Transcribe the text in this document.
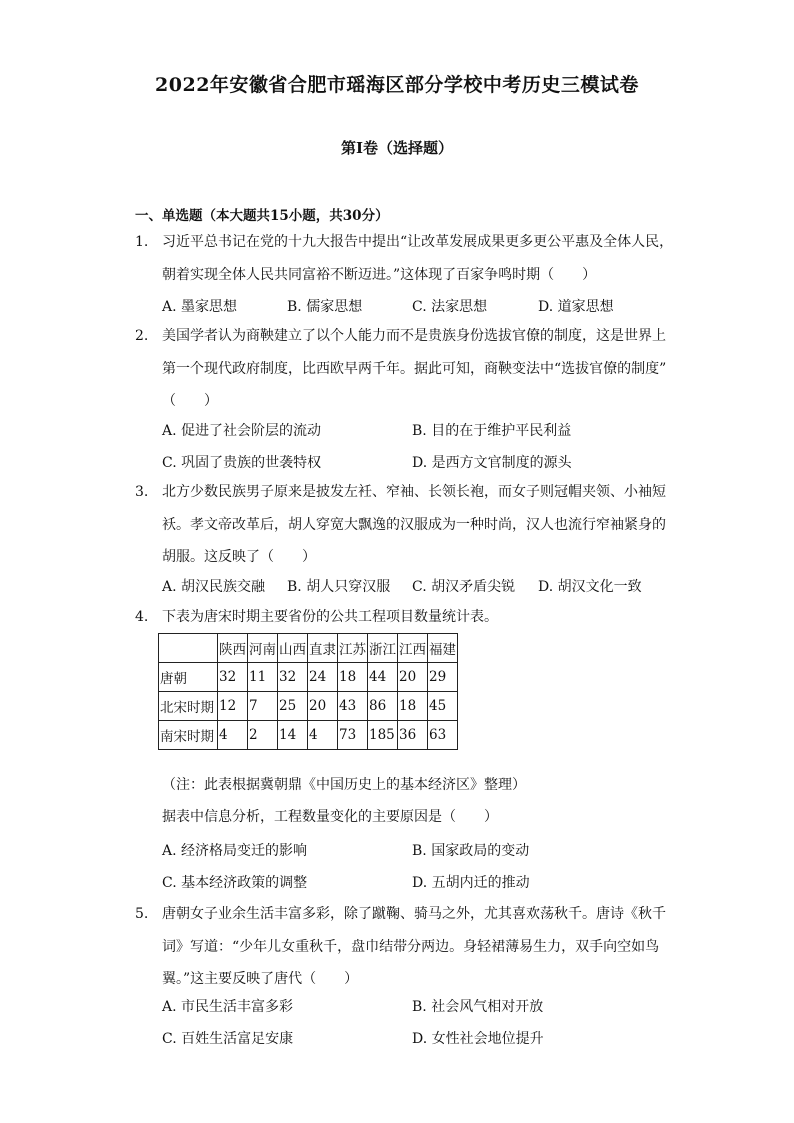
2022年安徽省合肥市瑶海区部分学校中考历史三模试卷
第I卷（选择题）
一、单选题（本大题共15小题，共30分）
1. 习近平总书记在党的十九大报告中提出“让改革发展成果更多更公平惠及全体人民，
朝着实现全体人民共同富裕不断迈进。”这体现了百家争鸣时期（　　）
A. 墨家思想	B. 儒家思想	C. 法家思想	D. 道家思想
2. 美国学者认为商鞅建立了以个人能力而不是贵族身份选拔官僚的制度，这是世界上
第一个现代政府制度，比西欧早两千年。据此可知，商鞅变法中“选拔官僚的制度”
（　　）
A. 促进了社会阶层的流动	B. 目的在于维护平民利益
C. 巩固了贵族的世袭特权	D. 是西方文官制度的源头
3. 北方少数民族男子原来是披发左衽、窄袖、长领长袍，而女子则冠帽夹领、小袖短
袄。孝文帝改革后，胡人穿宽大飘逸的汉服成为一种时尚，汉人也流行窄袖紧身的
胡服。这反映了（　　）
A. 胡汉民族交融 B. 胡人只穿汉服 C. 胡汉矛盾尖锐 D. 胡汉文化一致
4. 下表为唐宋时期主要省份的公共工程项目数量统计表。
	陕西	河南	山西	直隶	江苏	浙江	江西	福建
唐朝	32	11	32	24	18	44	20	29
北宋时期	12	7	25	20	43	86	18	45
南宋时期	4	2	14	4	73	185	36	63
（注：此表根据冀朝鼎《中国历史上的基本经济区》整理）
据表中信息分析，工程数量变化的主要原因是（　　）
A. 经济格局变迁的影响	B. 国家政局的变动
C. 基本经济政策的调整	D. 五胡内迁的推动
5. 唐朝女子业余生活丰富多彩，除了蹴鞠、骑马之外，尤其喜欢荡秋千。唐诗《秋千
词》写道：“少年儿女重秋千，盘巾结带分两边。身轻裙薄易生力，双手向空如鸟
翼。”这主要反映了唐代（　　）
A. 市民生活丰富多彩	B. 社会风气相对开放
C. 百姓生活富足安康	D. 女性社会地位提升
